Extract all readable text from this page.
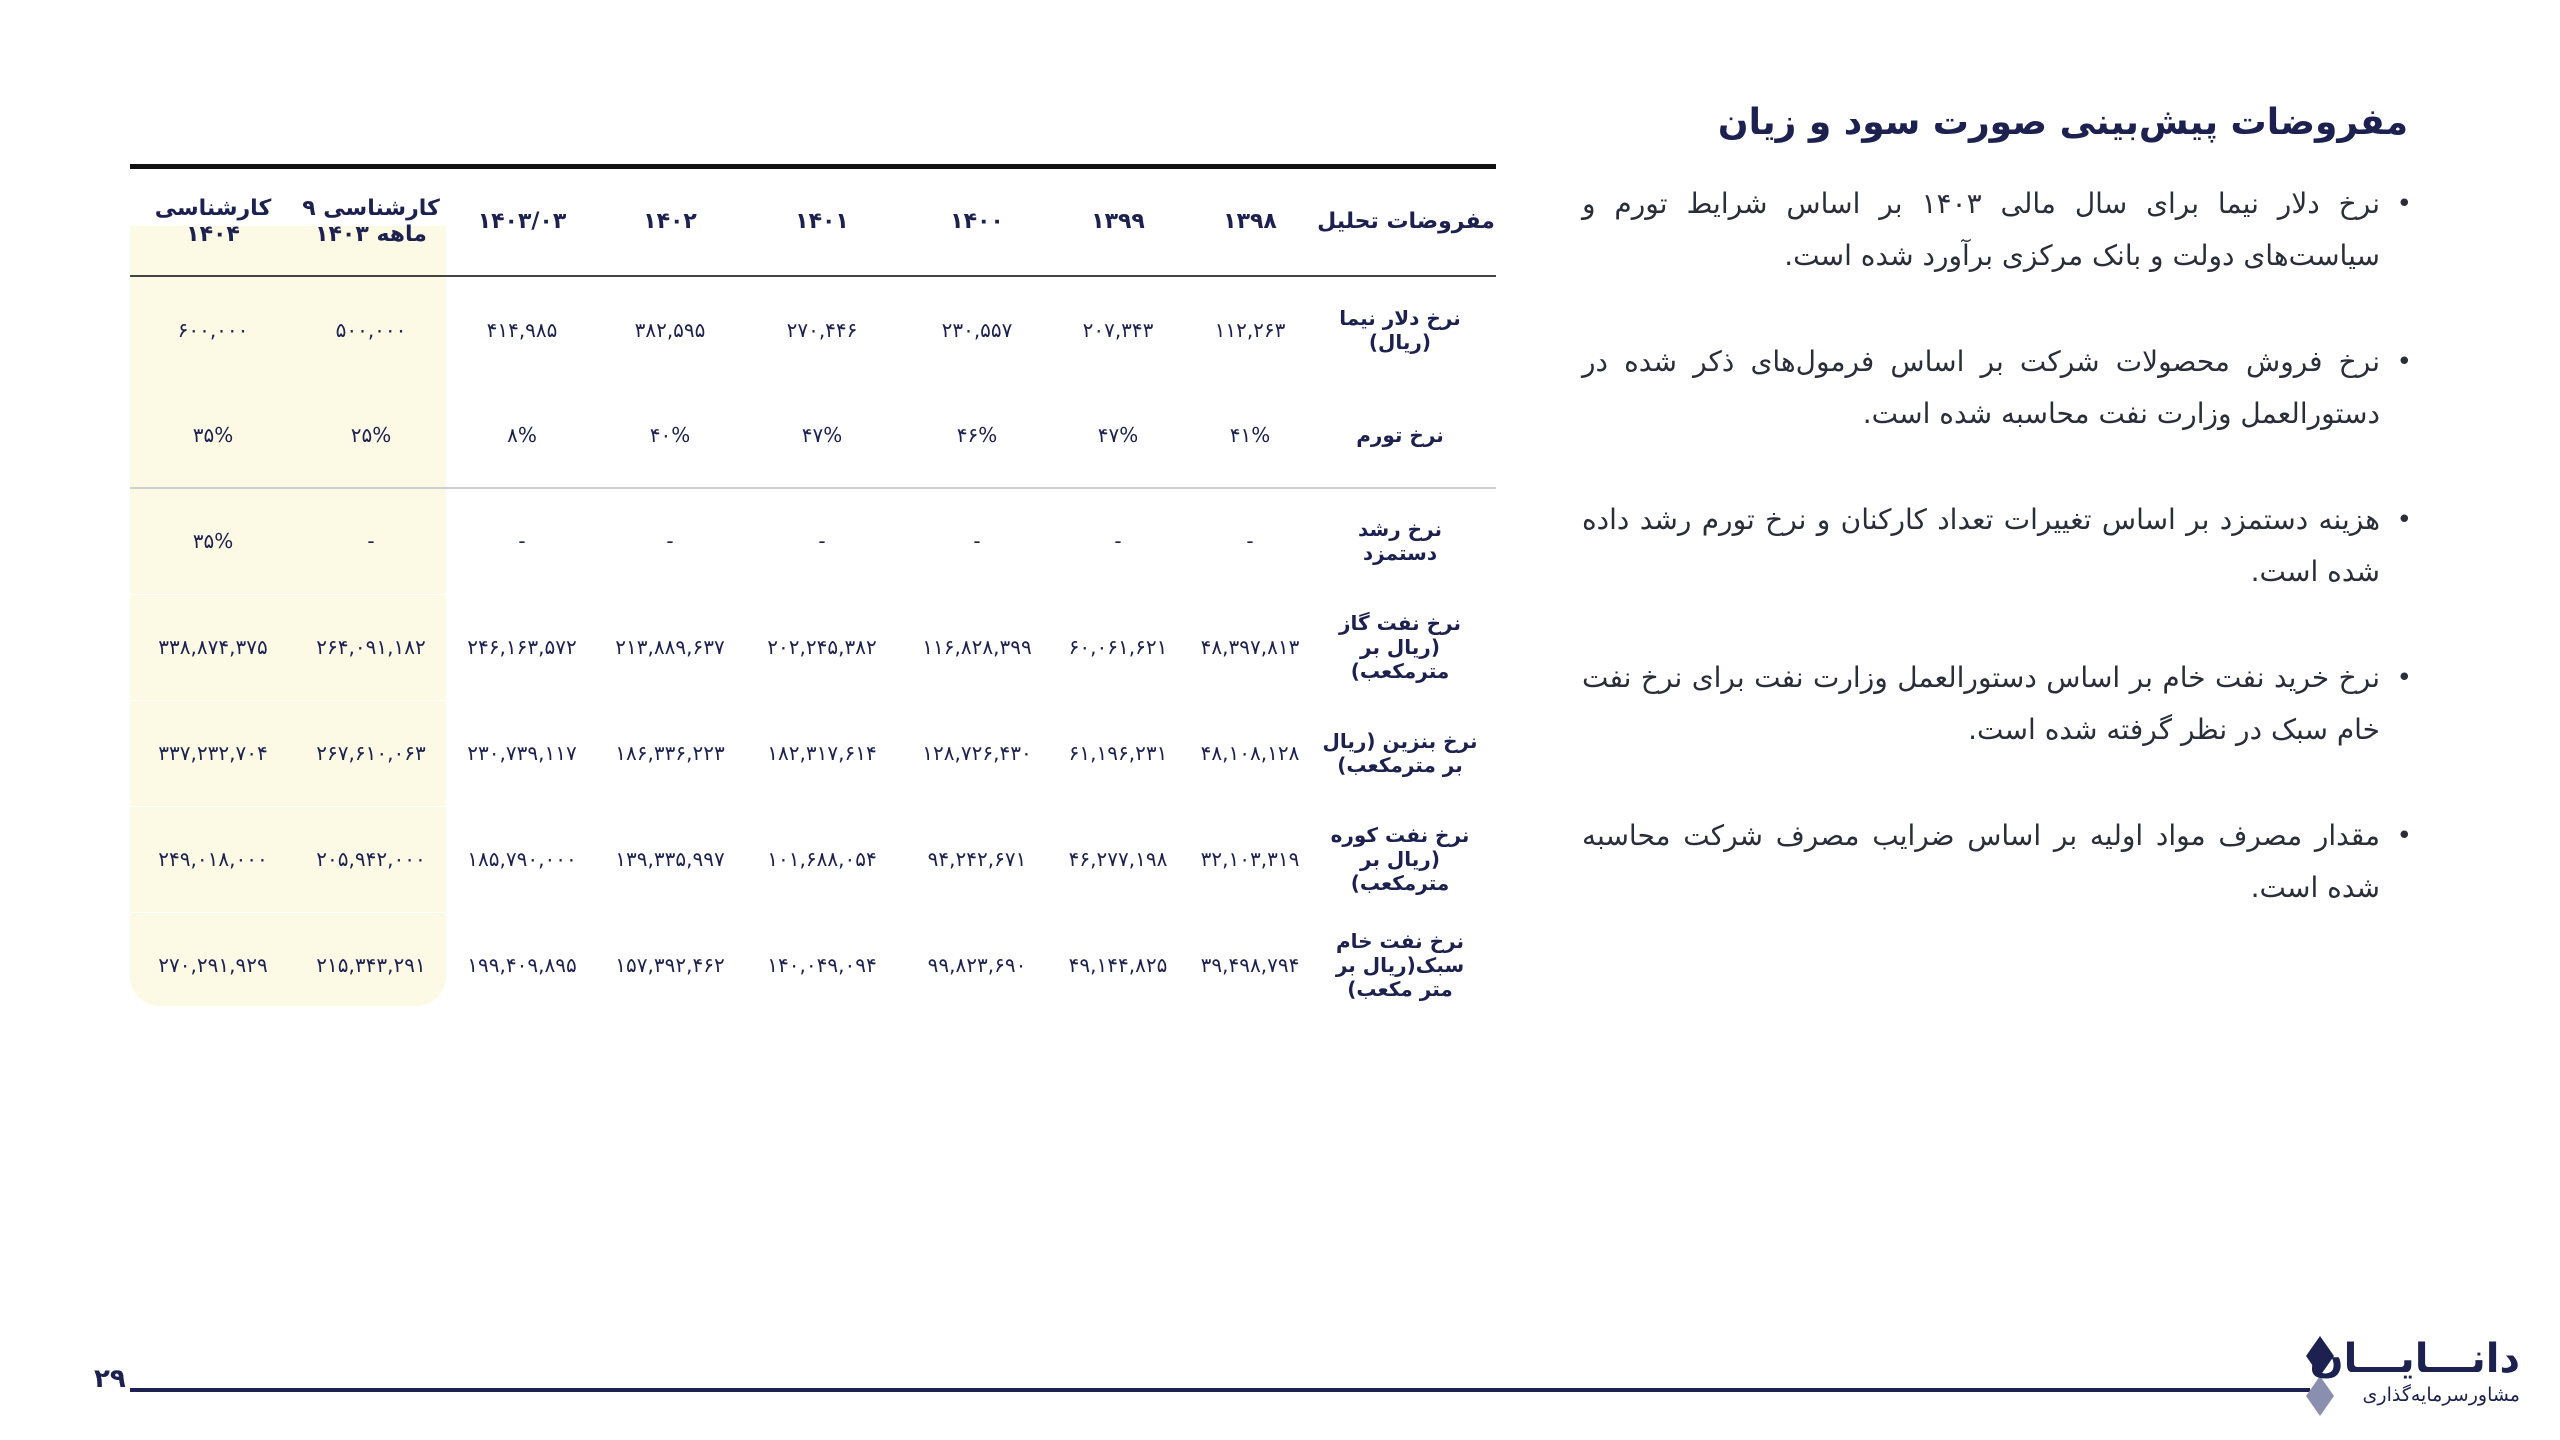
مفروضات پیش‌بینی صورت سود و زیان
• نرخ دلار نیما برای سال مالی ۱۴۰۳ بر اساس شرایط تورم و سیاست‌های دولت و بانک مرکزی برآورد شده است.
• نرخ فروش محصولات شرکت بر اساس فرمول‌های ذکر شده در دستورالعمل وزارت نفت محاسبه شده است.
• هزینه دستمزد بر اساس تغییرات تعداد کارکنان و نرخ تورم رشد داده شده است.
• نرخ خرید نفت خام بر اساس دستورالعمل وزارت نفت برای نرخ نفت خام سبک در نظر گرفته شده است.
• مقدار مصرف مواد اولیه بر اساس ضرایب مصرف شرکت محاسبه شده است.
مفروضات تحلیل	۱۳۹۸	۱۳۹۹	۱۴۰۰	۱۴۰۱	۱۴۰۲	۱۴۰۳/۰۳	کارشناسی ۹ ماهه ۱۴۰۳	کارشناسی ۱۴۰۴
نرخ دلار نیما (ریال)	۱۱۲,۲۶۳	۲۰۷,۳۴۳	۲۳۰,۵۵۷	۲۷۰,۴۴۶	۳۸۲,۵۹۵	۴۱۴,۹۸۵	۵۰۰,۰۰۰	۶۰۰,۰۰۰
نرخ تورم	۴۱%	۴۷%	۴۶%	۴۷%	۴۰%	۸%	۲۵%	۳۵%
نرخ رشد دستمزد	-	-	-	-	-	-	-	۳۵%
نرخ نفت گاز (ریال بر مترمکعب)	۴۸,۳۹۷,۸۱۳	۶۰,۰۶۱,۶۲۱	۱۱۶,۸۲۸,۳۹۹	۲۰۲,۲۴۵,۳۸۲	۲۱۳,۸۸۹,۶۳۷	۲۴۶,۱۶۳,۵۷۲	۲۶۴,۰۹۱,۱۸۲	۳۳۸,۸۷۴,۳۷۵
نرخ بنزین (ریال بر مترمکعب)	۴۸,۱۰۸,۱۲۸	۶۱,۱۹۶,۲۳۱	۱۲۸,۷۲۶,۴۳۰	۱۸۲,۳۱۷,۶۱۴	۱۸۶,۳۳۶,۲۲۳	۲۳۰,۷۳۹,۱۱۷	۲۶۷,۶۱۰,۰۶۳	۳۳۷,۲۳۲,۷۰۴
نرخ نفت کوره (ریال بر مترمکعب)	۳۲,۱۰۳,۳۱۹	۴۶,۲۷۷,۱۹۸	۹۴,۲۴۲,۶۷۱	۱۰۱,۶۸۸,۰۵۴	۱۳۹,۳۳۵,۹۹۷	۱۸۵,۷۹۰,۰۰۰	۲۰۵,۹۴۲,۰۰۰	۲۴۹,۰۱۸,۰۰۰
نرخ نفت خام سبک(ریال بر متر مکعب)	۳۹,۴۹۸,۷۹۴	۴۹,۱۴۴,۸۲۵	۹۹,۸۲۳,۶۹۰	۱۴۰,۰۴۹,۰۹۴	۱۵۷,۳۹۲,۴۶۲	۱۹۹,۴۰۹,۸۹۵	۲۱۵,۳۴۳,۲۹۱	۲۷۰,۲۹۱,۹۲۹
۲۹	دانـــایـــان
مشاورسرمایه‌گذاری
